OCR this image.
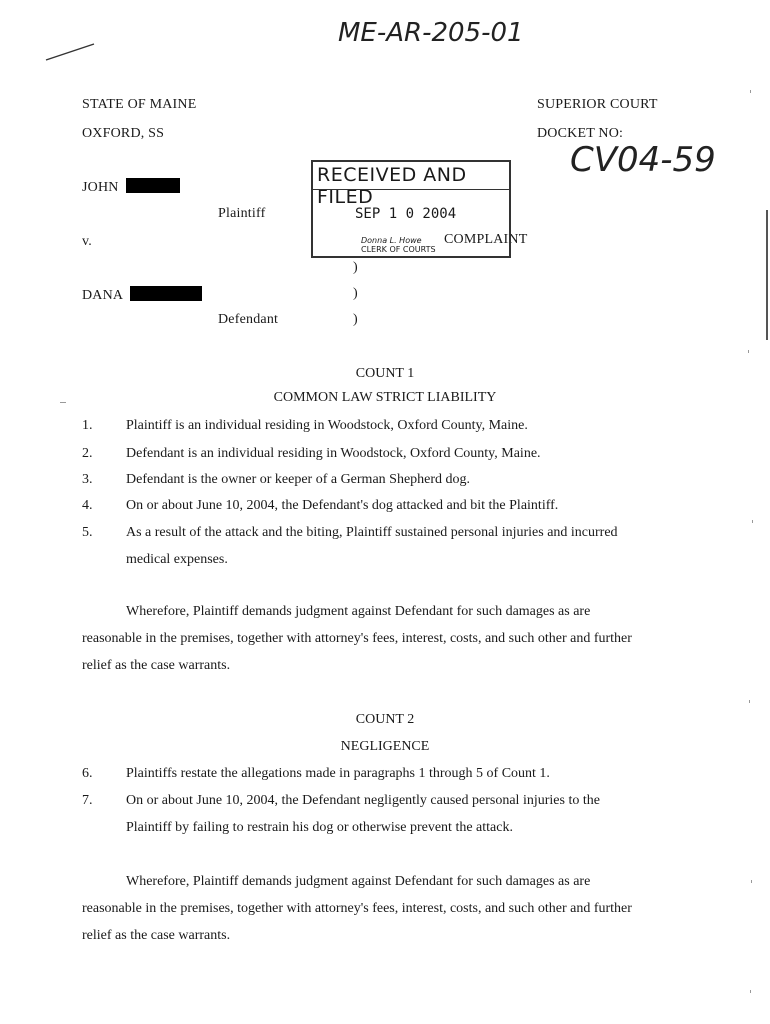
ME-AR-205-01
STATE OF MAINE
OXFORD, SS
SUPERIOR COURT
DOCKET NO:
CV04-59
JOHN
Plaintiff
v.
DANA
Defendant
)
)
)
COMPLAINT
RECEIVED AND FILED
SEP 1 0 2004
Donna L. Howe
CLERK OF COURTS
COUNT 1
COMMON LAW STRICT LIABILITY
1. Plaintiff is an individual residing in Woodstock, Oxford County, Maine.
2. Defendant is an individual residing in Woodstock, Oxford County, Maine.
3. Defendant is the owner or keeper of a German Shepherd dog.
4. On or about June 10, 2004, the Defendant's dog attacked and bit the Plaintiff.
5. As a result of the attack and the biting, Plaintiff sustained personal injuries and incurred
medical expenses.
Wherefore, Plaintiff demands judgment against Defendant for such damages as are
reasonable in the premises, together with attorney's fees, interest, costs, and such other and further
relief as the case warrants.
COUNT 2
NEGLIGENCE
6. Plaintiffs restate the allegations made in paragraphs 1 through 5 of Count 1.
7. On or about June 10, 2004, the Defendant negligently caused personal injuries to the
Plaintiff by failing to restrain his dog or otherwise prevent the attack.
Wherefore, Plaintiff demands judgment against Defendant for such damages as are
reasonable in the premises, together with attorney's fees, interest, costs, and such other and further
relief as the case warrants.
